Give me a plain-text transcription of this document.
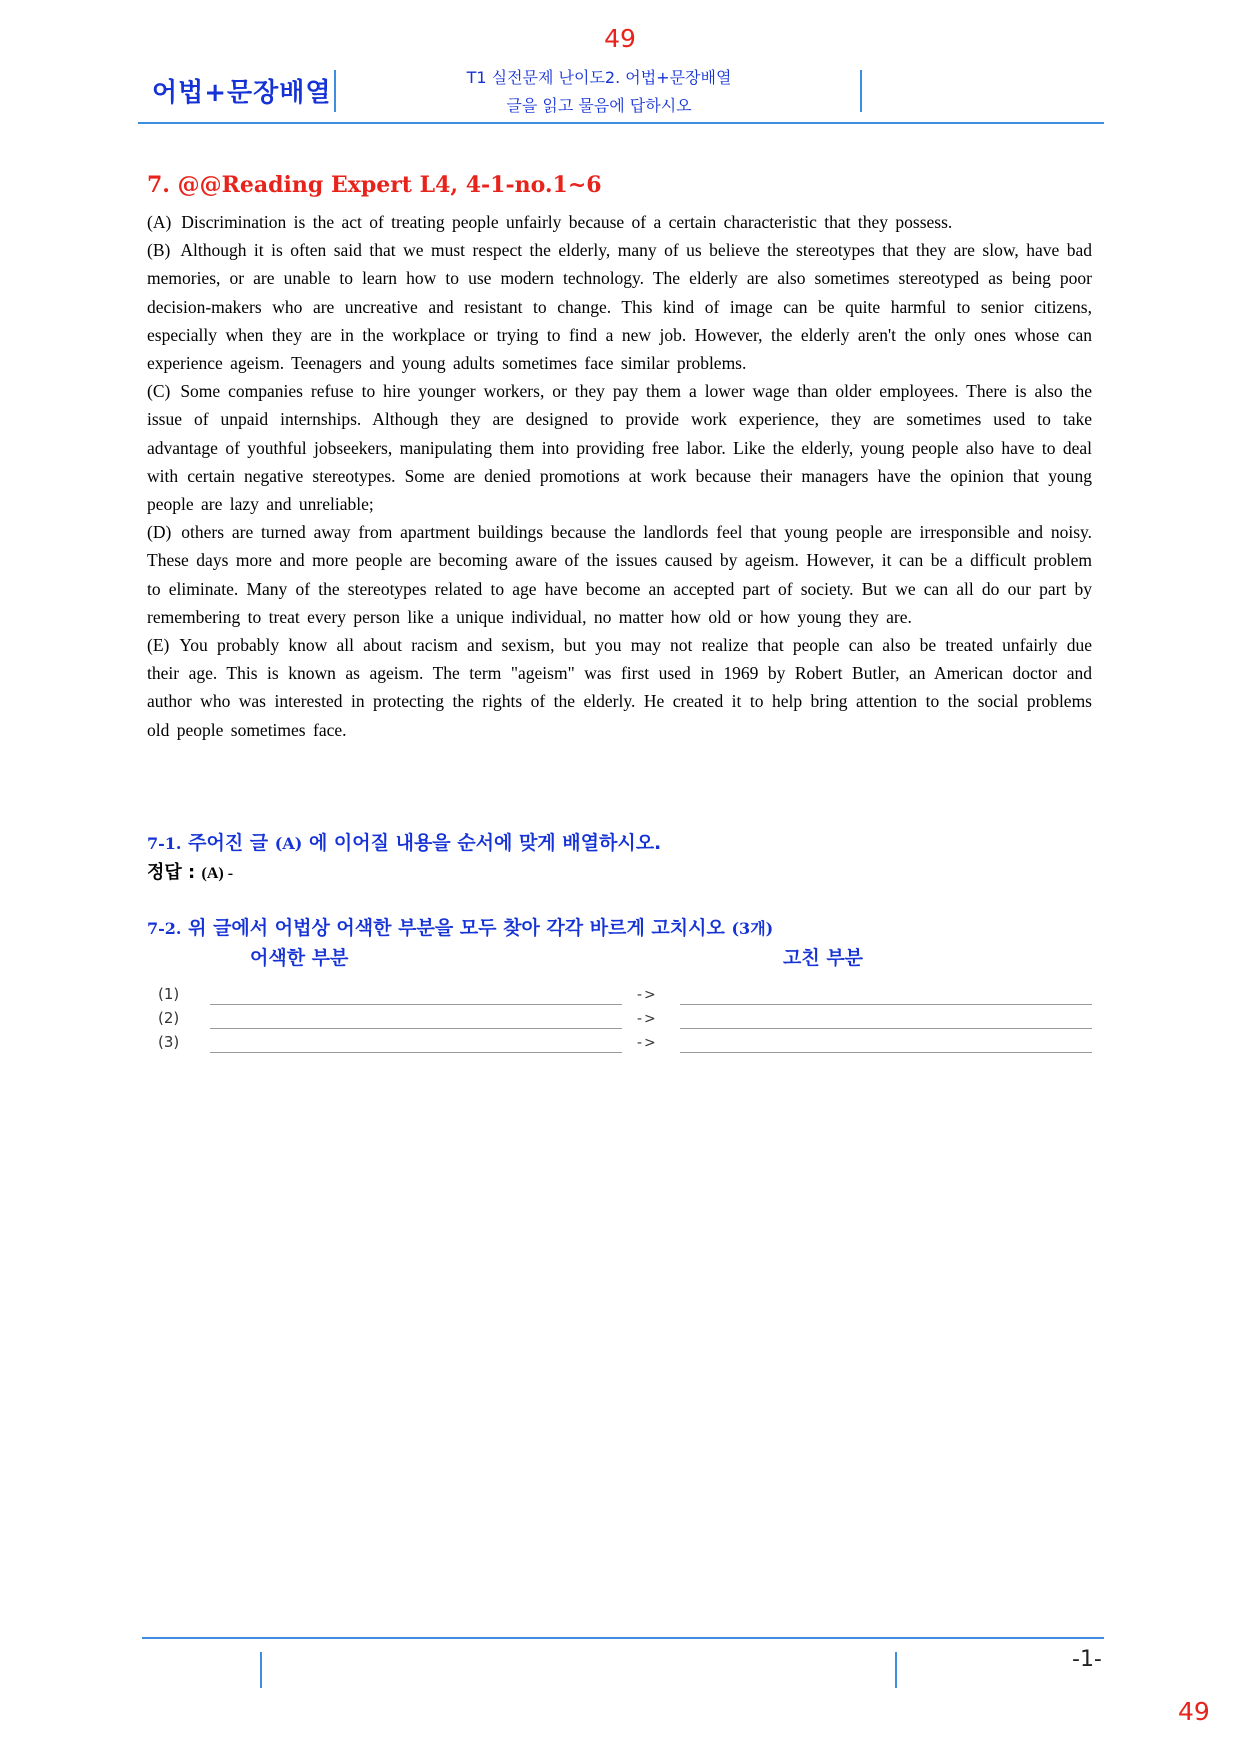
49
어법+문장배열
T1 실전문제 난이도2. 어법+문장배열
글을 읽고 물음에 답하시오
7. @@Reading Expert L4, 4-1-no.1~6

(A) Discrimination is the act of treating people unfairly because of a certain characteristic that they possess.

(B) Although it is often said that we must respect the elderly, many of us believe the stereotypes that they are slow, have bad memories, or are unable to learn how to use modern technology. The elderly are also sometimes stereotyped as being poor decision-makers who are uncreative and resistant to change. This kind of image can be quite harmful to senior citizens, especially when they are in the workplace or trying to find a new job. However, the elderly aren't the only ones whose can experience ageism. Teenagers and young adults sometimes face similar problems.

(C) Some companies refuse to hire younger workers, or they pay them a lower wage than older employees. There is also the issue of unpaid internships. Although they are designed to provide work experience, they are sometimes used to take advantage of youthful jobseekers, manipulating them into providing free labor. Like the elderly, young people also have to deal with certain negative stereotypes. Some are denied promotions at work because their managers have the opinion that young people are lazy and unreliable;

(D) others are turned away from apartment buildings because the landlords feel that young people are irresponsible and noisy. These days more and more people are becoming aware of the issues caused by ageism. However, it can be a difficult problem to eliminate. Many of the stereotypes related to age have become an accepted part of society. But we can all do our part by remembering to treat every person like a unique individual, no matter how old or how young they are.

(E) You probably know all about racism and sexism, but you may not realize that people can also be treated unfairly due their age. This is known as ageism. The term "ageism" was first used in 1969 by Robert Butler, an American doctor and author who was interested in protecting the rights of the elderly. He created it to help bring attention to the social problems old people sometimes face.

7-1. 주어진 글 (A) 에 이어질 내용을 순서에 맞게 배열하시오.
정답 : (A) -
7-2. 위 글에서 어법상 어색한 부분을 모두 찾아 각각 바르게 고치시오 (3개)
어색한 부분	고친 부분
(1)	->
(2)	->
(3)	->
-1-
49
